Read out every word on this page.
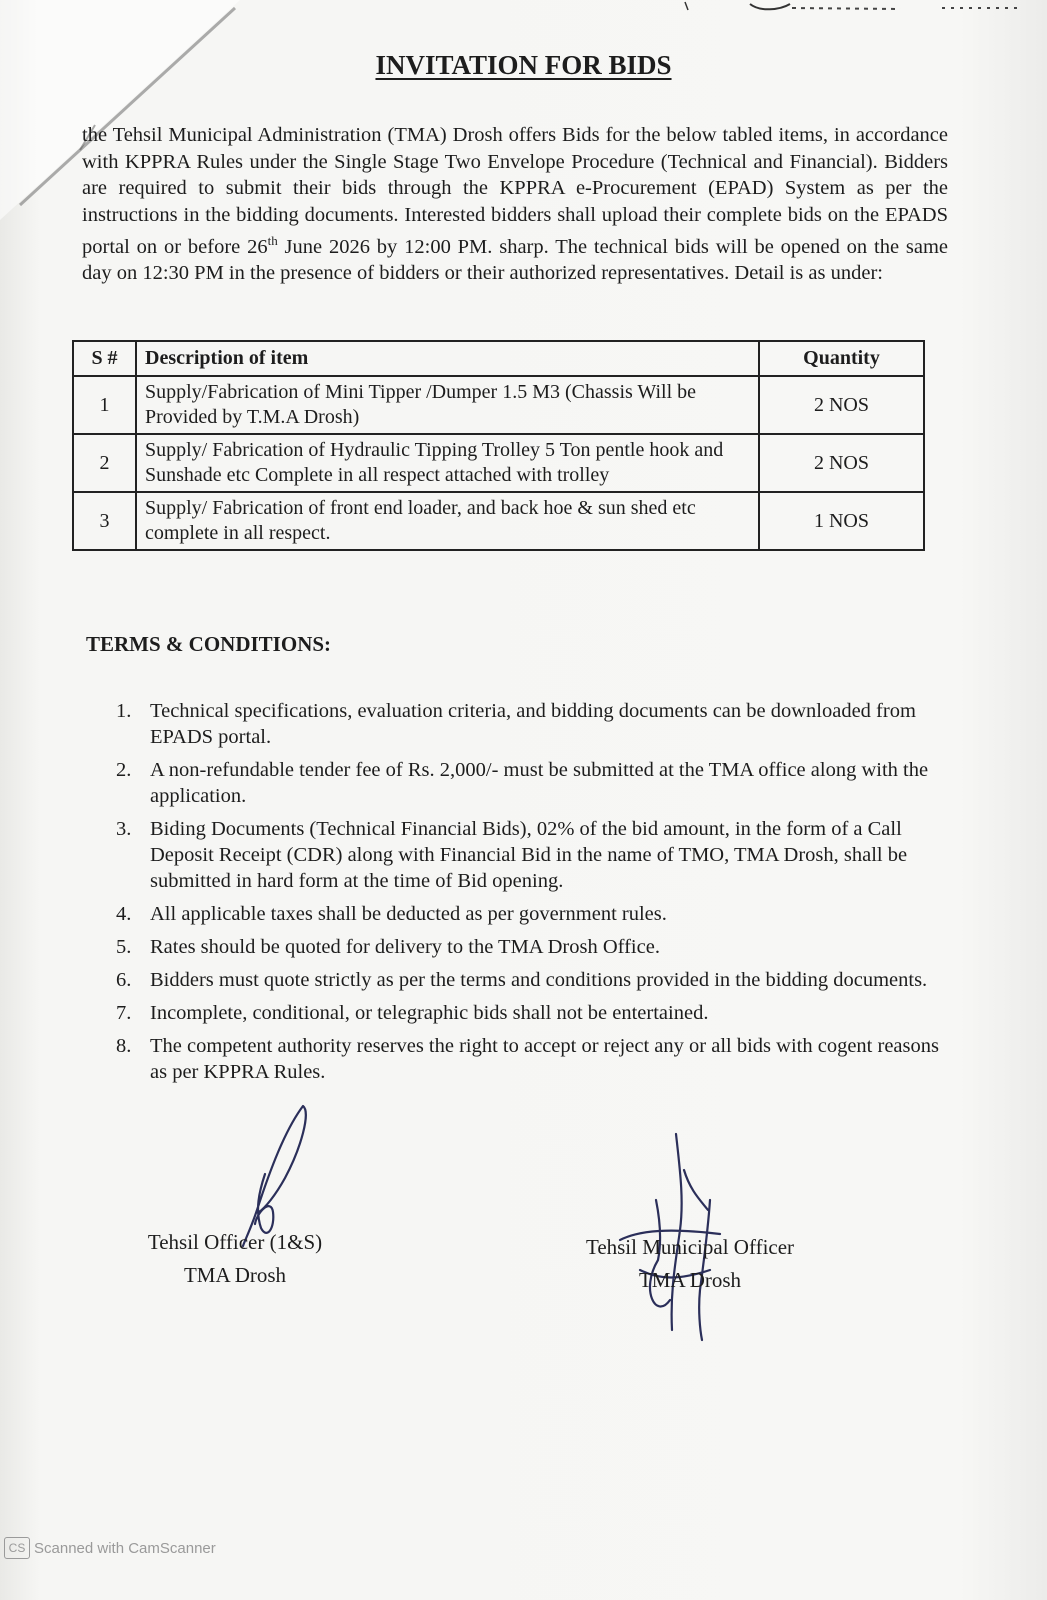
INVITATION FOR BIDS

the Tehsil Municipal Administration (TMA) Drosh offers Bids for the below tabled items, in accordance with KPPRA Rules under the Single Stage Two Envelope Procedure (Technical and Financial). Bidders are required to submit their bids through the KPPRA e-Procurement (EPAD) System as per the instructions in the bidding documents. Interested bidders shall upload their complete bids on the EPADS portal on or before 26th June 2026 by 12:00 PM. sharp. The technical bids will be opened on the same day on 12:30 PM in the presence of bidders or their authorized representatives. Detail is as under:

S #	Description of item	Quantity
1	Supply/Fabrication of Mini Tipper /Dumper 1.5 M3 (Chassis Will be Provided by T.M.A Drosh)	2 NOS
2	Supply/ Fabrication of Hydraulic Tipping Trolley 5 Ton pentle hook and Sunshade etc Complete in all respect attached with trolley	2 NOS
3	Supply/ Fabrication of front end loader, and back hoe & sun shed etc complete in all respect.	1 NOS
TERMS & CONDITIONS:
1. Technical specifications, evaluation criteria, and bidding documents can be downloaded from EPADS portal.
2. A non-refundable tender fee of Rs. 2,000/- must be submitted at the TMA office along with the application.
3. Biding Documents (Technical Financial Bids), 02% of the bid amount, in the form of a Call Deposit Receipt (CDR) along with Financial Bid in the name of TMO, TMA Drosh, shall be submitted in hard form at the time of Bid opening.
4. All applicable taxes shall be deducted as per government rules.
5. Rates should be quoted for delivery to the TMA Drosh Office.
6. Bidders must quote strictly as per the terms and conditions provided in the bidding documents.
7. Incomplete, conditional, or telegraphic bids shall not be entertained.
8. The competent authority reserves the right to accept or reject any or all bids with cogent reasons as per KPPRA Rules.
Tehsil Officer (1&S)
TMA Drosh
Tehsil Municipal Officer
TMA Drosh
CS Scanned with CamScanner
